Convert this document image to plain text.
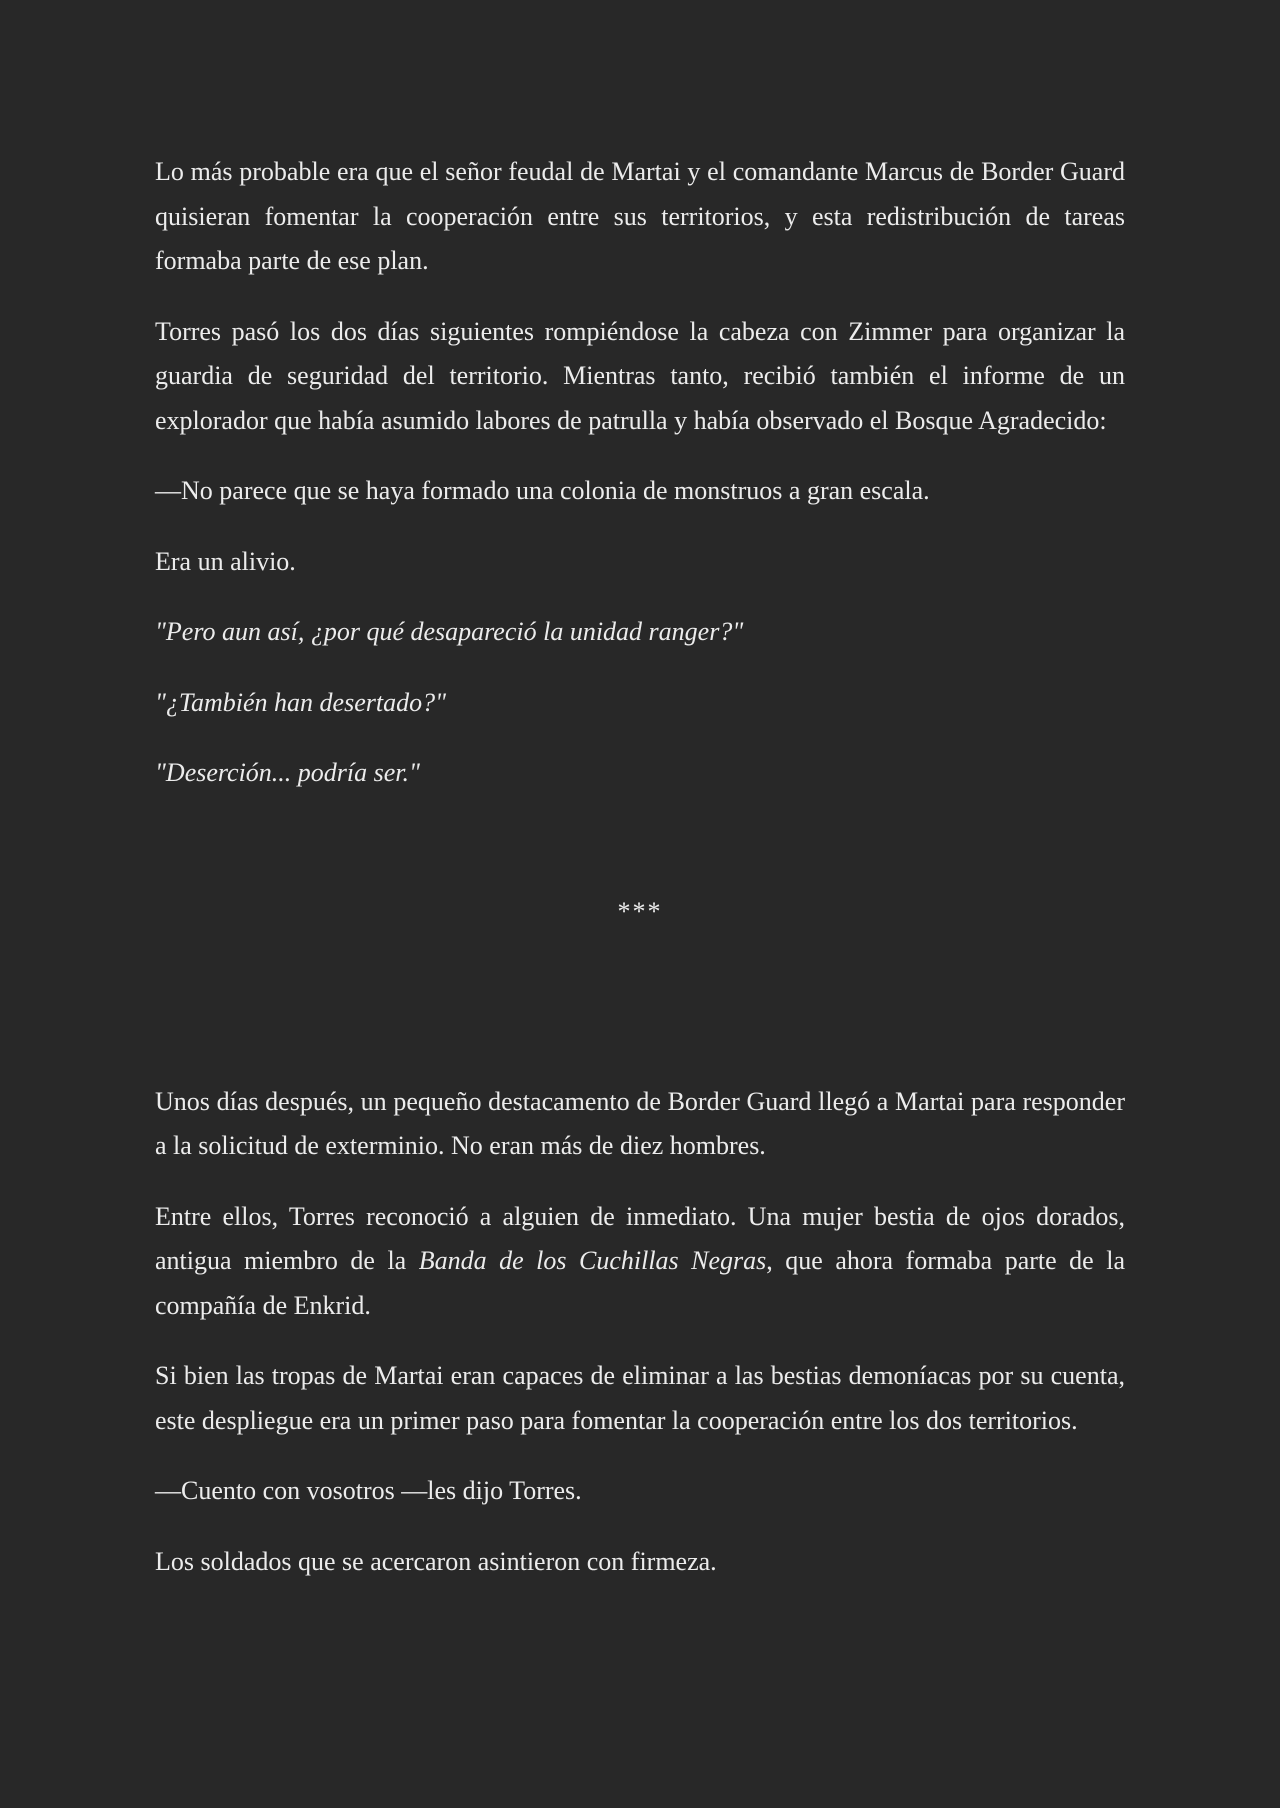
Lo más probable era que el señor feudal de Martai y el comandante Marcus de Border Guard quisieran fomentar la cooperación entre sus territorios, y esta redistribución de tareas formaba parte de ese plan.

Torres pasó los dos días siguientes rompiéndose la cabeza con Zimmer para organizar la guardia de seguridad del territorio. Mientras tanto, recibió también el informe de un explorador que había asumido labores de patrulla y había observado el Bosque Agradecido:

—No parece que se haya formado una colonia de monstruos a gran escala.

Era un alivio.

"Pero aun así, ¿por qué desapareció la unidad ranger?"

"¿También han desertado?"

"Deserción... podría ser."

***

Unos días después, un pequeño destacamento de Border Guard llegó a Martai para responder a la solicitud de exterminio. No eran más de diez hombres.

Entre ellos, Torres reconoció a alguien de inmediato. Una mujer bestia de ojos dorados, antigua miembro de la Banda de los Cuchillas Negras, que ahora formaba parte de la compañía de Enkrid.

Si bien las tropas de Martai eran capaces de eliminar a las bestias demoníacas por su cuenta, este despliegue era un primer paso para fomentar la cooperación entre los dos territorios.

—Cuento con vosotros —les dijo Torres.

Los soldados que se acercaron asintieron con firmeza.
